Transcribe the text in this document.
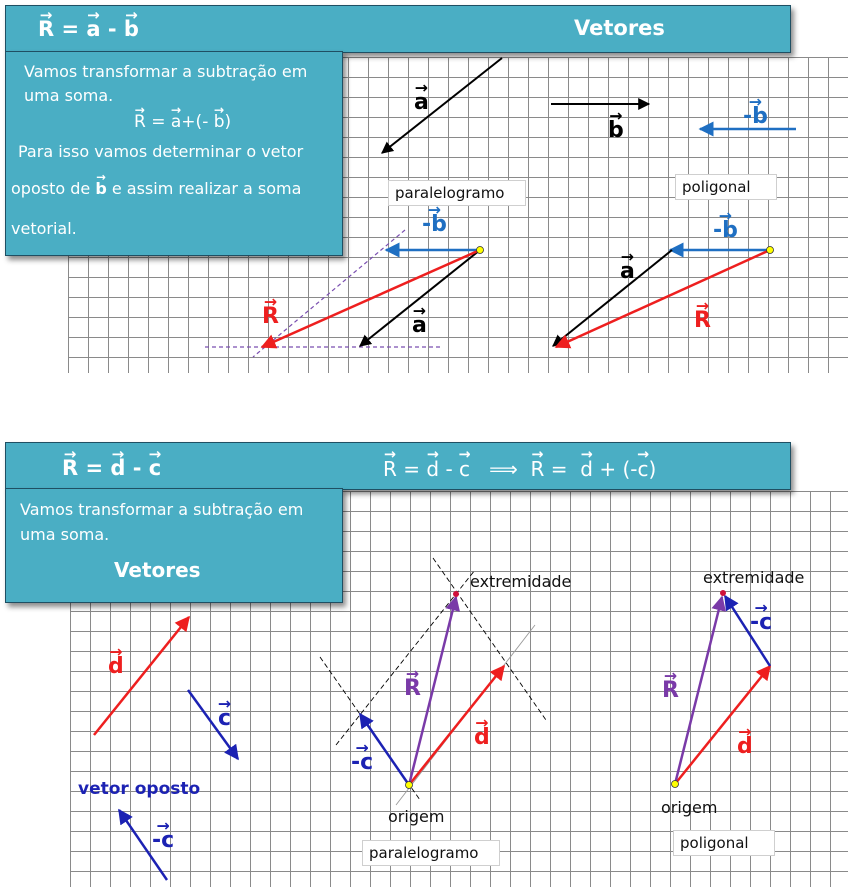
→ R = → a - → b	Vetores
Vamos transformar a subtração em
uma soma.
→ R = → a+(- → b)
Para isso vamos determinar o vetor
oposto de → b e assim realizar a soma
vetorial.
→ a
→ b
→ -b
→ -b
→ R	→ a
→ a
→ -b
→ R
paralelogramo	poligonal
→ R = → d - → c	→ R = → d - → c ⟹ → R = → d + (-→ c)
Vamos transformar a subtração em
uma soma.
Vetores
vetor oposto
→ d
→ c
→ -c
→ R
→ d
→ -c
→ -c
→ R
→ d
extremidade
origem
extremidade
origem
paralelogramo
poligonal
